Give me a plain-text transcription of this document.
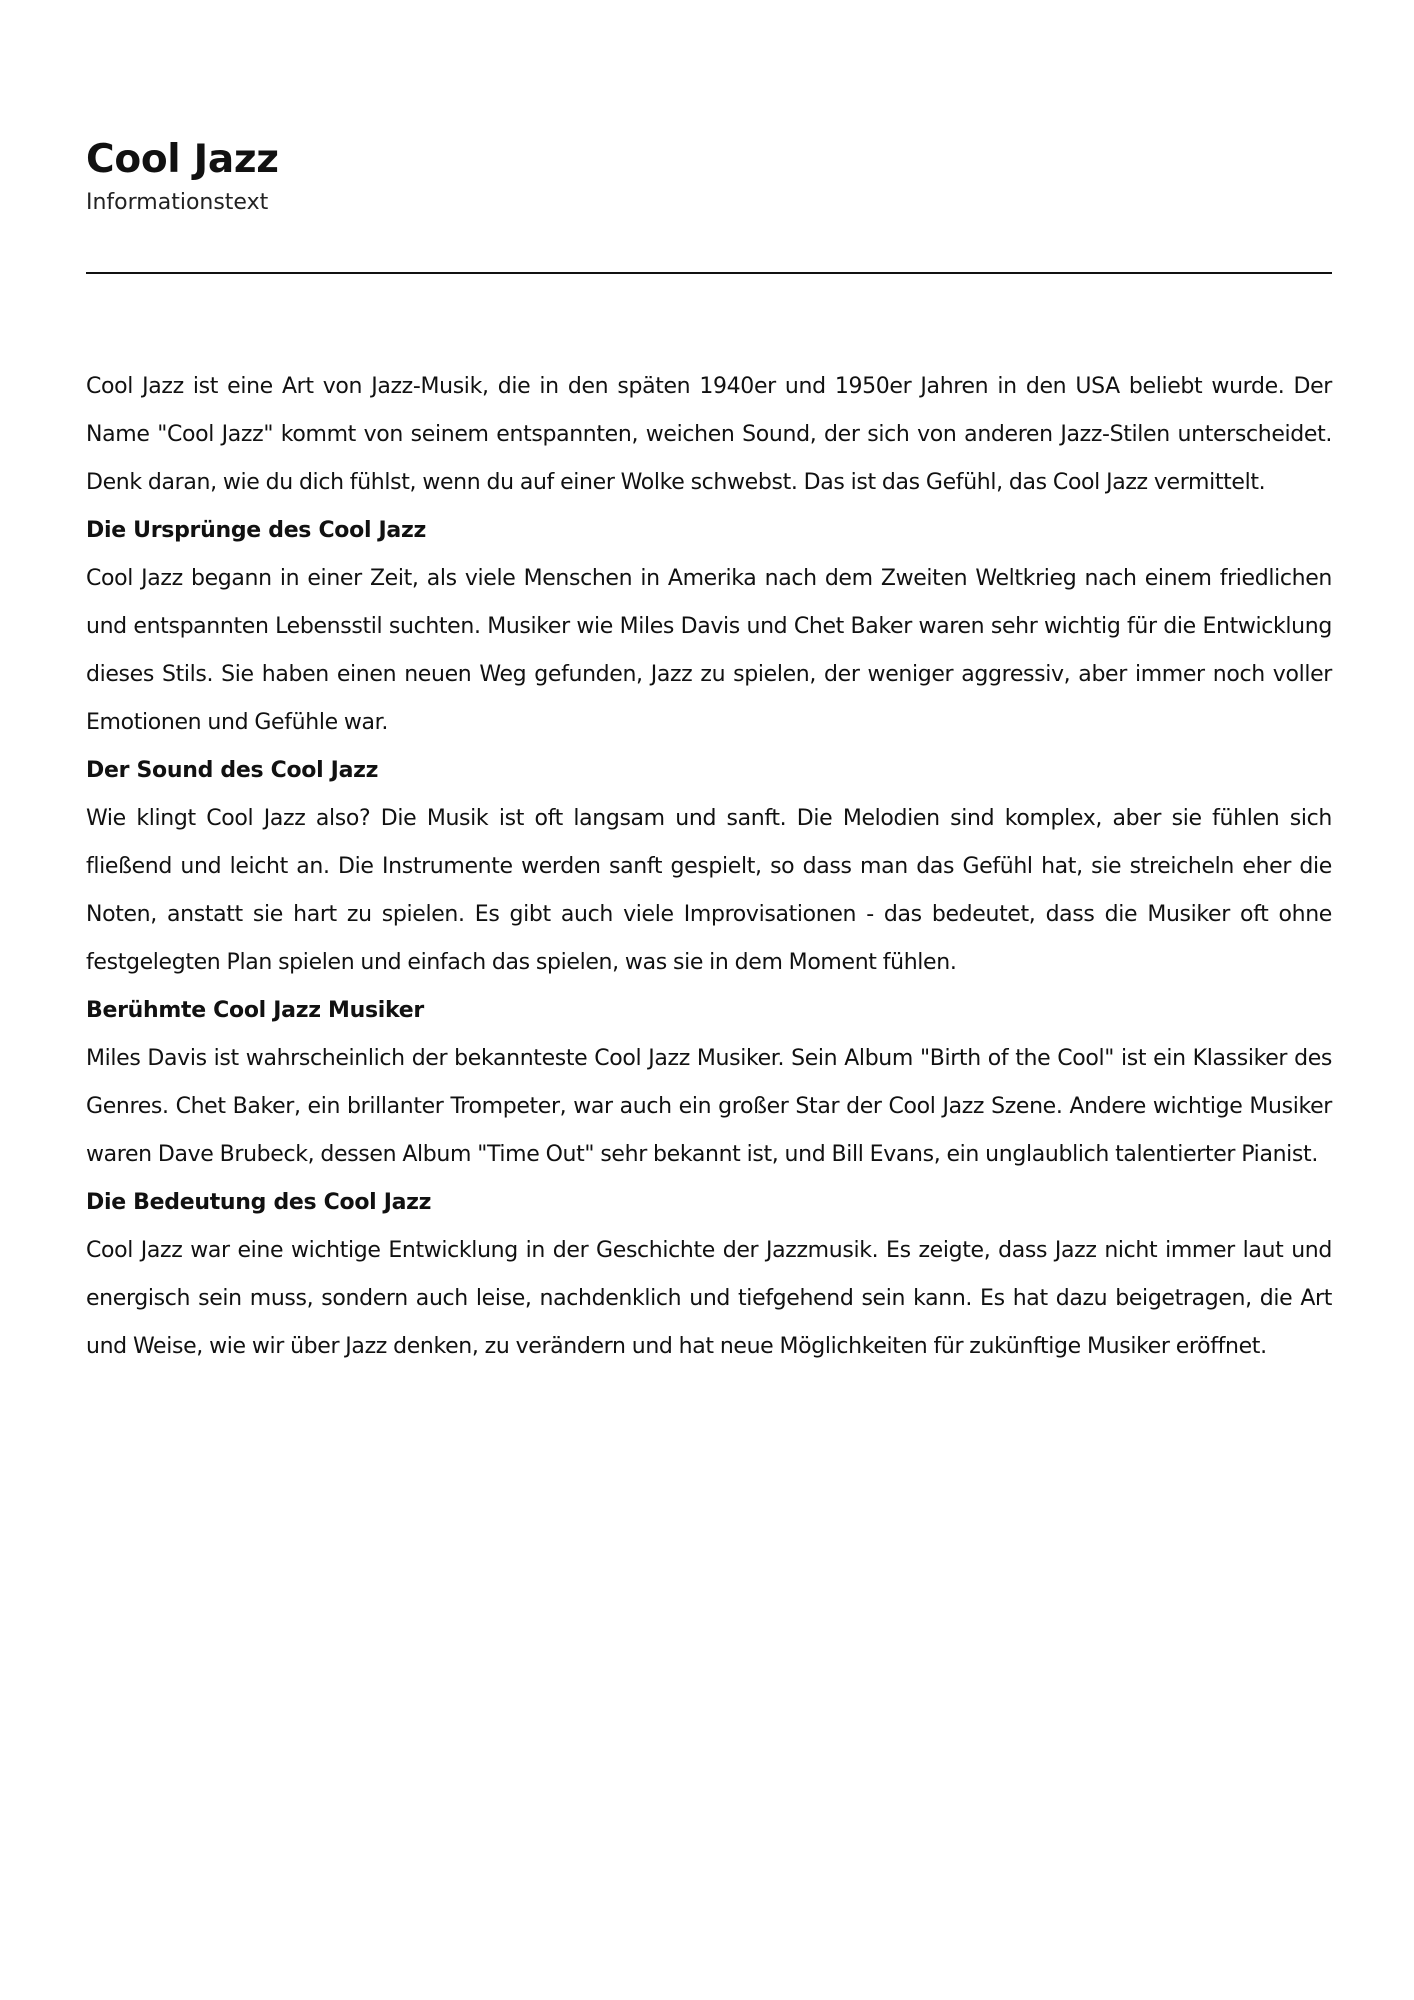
Cool Jazz

Informationstext

Cool Jazz ist eine Art von Jazz-Musik, die in den späten 1940er und 1950er Jahren in den USA beliebt wurde. Der Name "Cool Jazz" kommt von seinem entspannten, weichen Sound, der sich von anderen Jazz-Stilen unterscheidet. Denk daran, wie du dich fühlst, wenn du auf einer Wolke schwebst. Das ist das Gefühl, das Cool Jazz vermittelt.

Die Ursprünge des Cool Jazz

Cool Jazz begann in einer Zeit, als viele Menschen in Amerika nach dem Zweiten Weltkrieg nach einem friedlichen und entspannten Lebensstil suchten. Musiker wie Miles Davis und Chet Baker waren sehr wichtig für die Entwicklung dieses Stils. Sie haben einen neuen Weg gefunden, Jazz zu spielen, der weniger aggressiv, aber immer noch voller Emotionen und Gefühle war.

Der Sound des Cool Jazz

Wie klingt Cool Jazz also? Die Musik ist oft langsam und sanft. Die Melodien sind komplex, aber sie fühlen sich fließend und leicht an. Die Instrumente werden sanft gespielt, so dass man das Gefühl hat, sie streicheln eher die Noten, anstatt sie hart zu spielen. Es gibt auch viele Improvisationen - das bedeutet, dass die Musiker oft ohne festgelegten Plan spielen und einfach das spielen, was sie in dem Moment fühlen.

Berühmte Cool Jazz Musiker

Miles Davis ist wahrscheinlich der bekannteste Cool Jazz Musiker. Sein Album "Birth of the Cool" ist ein Klassiker des Genres. Chet Baker, ein brillanter Trompeter, war auch ein großer Star der Cool Jazz Szene. Andere wichtige Musiker waren Dave Brubeck, dessen Album "Time Out" sehr bekannt ist, und Bill Evans, ein unglaublich talentierter Pianist.

Die Bedeutung des Cool Jazz

Cool Jazz war eine wichtige Entwicklung in der Geschichte der Jazzmusik. Es zeigte, dass Jazz nicht immer laut und energisch sein muss, sondern auch leise, nachdenklich und tiefgehend sein kann. Es hat dazu beigetragen, die Art und Weise, wie wir über Jazz denken, zu verändern und hat neue Möglichkeiten für zukünftige Musiker eröffnet.
